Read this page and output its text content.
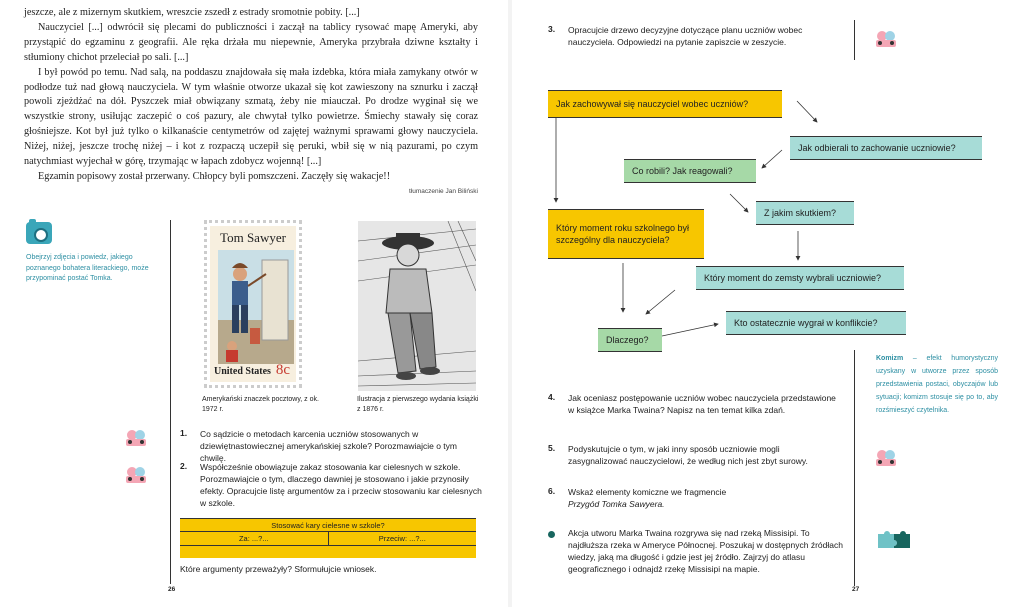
jeszcze, ale z mizernym skutkiem, wreszcie zszedł z estrady sromotnie pobity. [...]

Nauczyciel [...] odwrócił się plecami do publiczności i zaczął na tablicy rysować mapę Ameryki, aby przystąpić do egzaminu z geografii. Ale ręka drżała mu niepewnie, Ameryka przybrała dziwne kształty i stłumiony chichot przeleciał po sali. [...]

I był powód po temu. Nad salą, na poddaszu znajdowała się mała izdebka, która miała zamykany otwór w podłodze tuż nad głową nauczyciela. W tym właśnie otworze ukazał się kot zawieszony na sznurku i zaczął powoli zjeżdżać na dół. Pyszczek miał obwiązany szmatą, żeby nie miauczał. Po drodze wyginał się we wszystkie strony, usiłując zaczepić o coś pazury, ale chwytał tylko powietrze. Śmiechy stawały się coraz głośniejsze. Kot był już tylko o kilkanaście centymetrów od zajętej ważnymi sprawami głowy nauczyciela. Niżej, niżej, jeszcze trochę niżej – i kot z rozpaczą uczepił się peruki, wbił się w nią pazurami, po czym natychmiast wyjechał w górę, trzymając w łapach zdobycz wojenną! [...]

Egzamin popisowy został przerwany. Chłopcy byli pomszczeni. Zaczęły się wakacje!!

tłumaczenie Jan Biliński
Obejrzyj zdjęcia i powiedz, jakiego poznanego bohatera literackiego, może przypominać postać Tomka.
Tom Sawyer
United States 8c
Amerykański znaczek pocztowy, z ok. 1972 r.
Ilustracja z pierwszego wydania książki z 1876 r.
1. Co sądzicie o metodach karcenia uczniów stosowanych w dziewiętnastowiecznej amerykańskiej szkole? Porozmawiajcie o tym chwilę.
2. Współcześnie obowiązuje zakaz stosowania kar cielesnych w szkole. Porozmawiajcie o tym, dlaczego dawniej je stosowano i jakie przynosiły efekty. Opracujcie listę argumentów za i przeciw stosowaniu kar cielesnych w szkole.
Stosować kary cielesne w szkole?
Za: ...?...	Przeciw: ...?...
Które argumenty przeważyły? Sformułujcie wniosek.
26
3. Opracujcie drzewo decyzyjne dotyczące planu uczniów wobec nauczyciela. Odpowiedzi na pytanie zapiszcie w zeszycie.
Jak zachowywał się nauczyciel wobec uczniów?
Jak odbierali to zachowanie uczniowie?
Co robili? Jak reagowali?
Z jakim skutkiem?
Który moment roku szkolnego był szczególny dla nauczyciela?
Który moment do zemsty wybrali uczniowie?
Kto ostatecznie wygrał w konflikcie?
Dlaczego?
4. Jak oceniasz postępowanie uczniów wobec nauczyciela przedstawione w książce Marka Twaina? Napisz na ten temat kilka zdań.
5. Podyskutujcie o tym, w jaki inny sposób uczniowie mogli zasygnalizować nauczycielowi, że według nich jest zbyt surowy.
6. Wskaż elementy komiczne we fragmencie
Przygód Tomka Sawyera.
Akcja utworu Marka Twaina rozgrywa się nad rzeką Missisipi. To najdłuższa rzeka w Ameryce Północnej. Poszukaj w dostępnych źródłach wiedzy, jaką ma długość i gdzie jest jej źródło. Zajrzyj do atlasu geograficznego i odnajdź rzekę Missisipi na mapie.
27
Komizm – efekt humorystyczny uzyskany w utworze przez sposób przedstawienia postaci, obyczajów lub sytuacji; komizm stosuje się po to, aby rozśmieszyć czytelnika.
